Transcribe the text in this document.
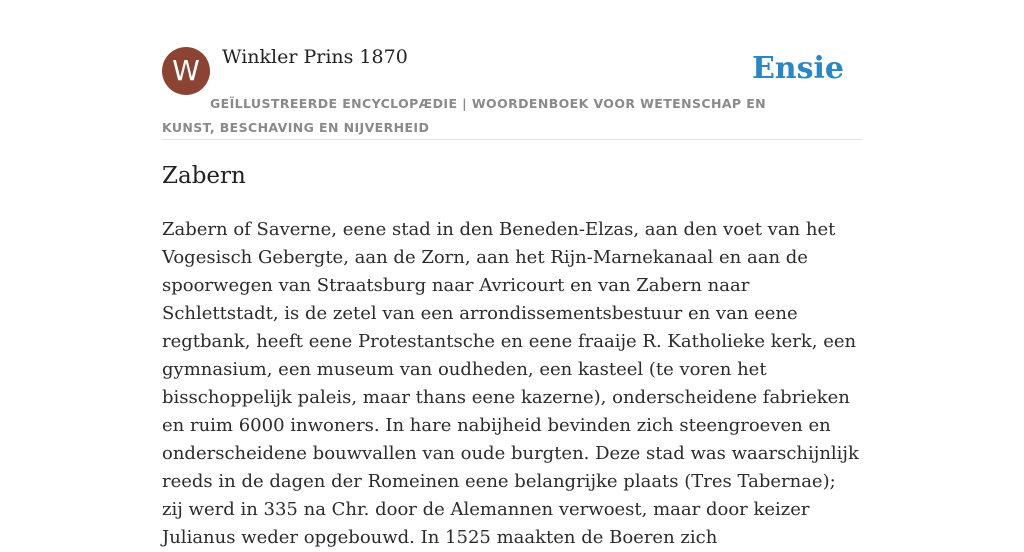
W	Winkler Prins 1870	Ensie
GEÏLLUSTREERDE ENCYCLOPÆDIE | WOORDENBOEK VOOR WETENSCHAP EN KUNST, BESCHAVING EN NIJVERHEID
Zabern

Zabern of Saverne, eene stad in den Beneden-Elzas, aan den voet van het Vogesisch Gebergte, aan de Zorn, aan het Rijn-Marnekanaal en aan de spoorwegen van Straatsburg naar Avricourt en van Zabern naar Schlettstadt, is de zetel van een arrondissementsbestuur en van eene regtbank, heeft eene Protestantsche en eene fraaije R. Katholieke kerk, een gymnasium, een museum van oudheden, een kasteel (te voren het bisschoppelijk paleis, maar thans eene kazerne), onderscheidene fabrieken en ruim 6000 inwoners. In hare nabijheid bevinden zich steengroeven en onderscheidene bouwvallen van oude burgten. Deze stad was waarschijnlijk reeds in de dagen der Romeinen eene belangrijke plaats (Tres Tabernae); zij werd in 335 na Chr. door de Alemannen verwoest, maar door keizer Julianus weder opgebouwd. In 1525 maakten de Boeren zich
